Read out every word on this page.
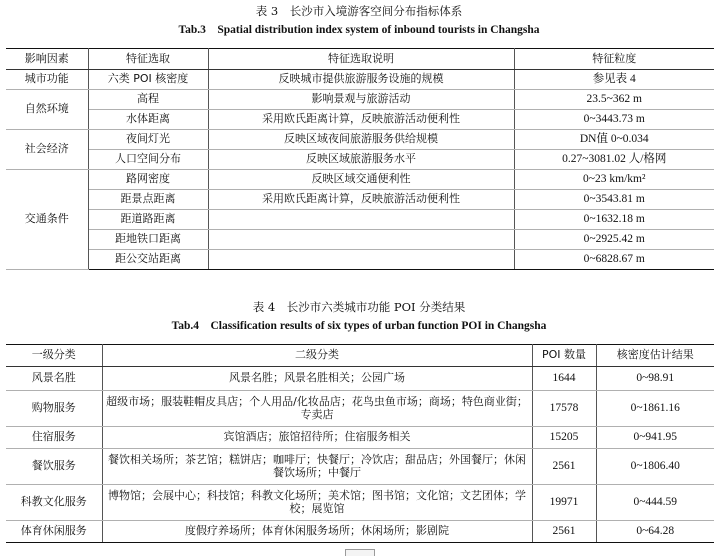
表 3　长沙市入境游客空间分布指标体系
Tab.3　Spatial distribution index system of inbound tourists in Changsha
影响因素	特征选取	特征选取说明	特征粒度
城市功能	六类 POI 核密度	反映城市提供旅游服务设施的规模	参见表 4
自然环境	高程	影响景观与旅游活动	23.5~362 m
	水体距离	采用欧氏距离计算，反映旅游活动便利性	0~3443.73 m
社会经济	夜间灯光	反映区域夜间旅游服务供给规模	DN值 0~0.034
	人口空间分布	反映区域旅游服务水平	0.27~3081.02 人/格网
交通条件	路网密度	反映区域交通便利性	0~23 km/km²
	距景点距离	采用欧氏距离计算，反映旅游活动便利性	0~3543.81 m
	距道路距离		0~1632.18 m
	距地铁口距离		0~2925.42 m
	距公交站距离		0~6828.67 m
表 4　长沙市六类城市功能 POI 分类结果
Tab.4　Classification results of six types of urban function POI in Changsha
一级分类	二级分类	POI 数量	核密度估计结果
风景名胜	风景名胜；风景名胜相关；公园广场	1644	0~98.91
购物服务	超级市场；服装鞋帽皮具店；个人用品/化妆品店；花鸟虫鱼市场；商场；特色商业街；专卖店	17578	0~1861.16
住宿服务	宾馆酒店；旅馆招待所；住宿服务相关	15205	0~941.95
餐饮服务	餐饮相关场所；茶艺馆；糕饼店；咖啡厅；快餐厅；冷饮店；甜品店；外国餐厅；休闲餐饮场所；中餐厅	2561	0~1806.40
科教文化服务	博物馆；会展中心；科技馆；科教文化场所；美术馆；图书馆；文化馆；文艺团体；学校；展览馆	19971	0~444.59
体育休闲服务	度假疗养场所；体育休闲服务场所；休闲场所；影剧院	2561	0~64.28
